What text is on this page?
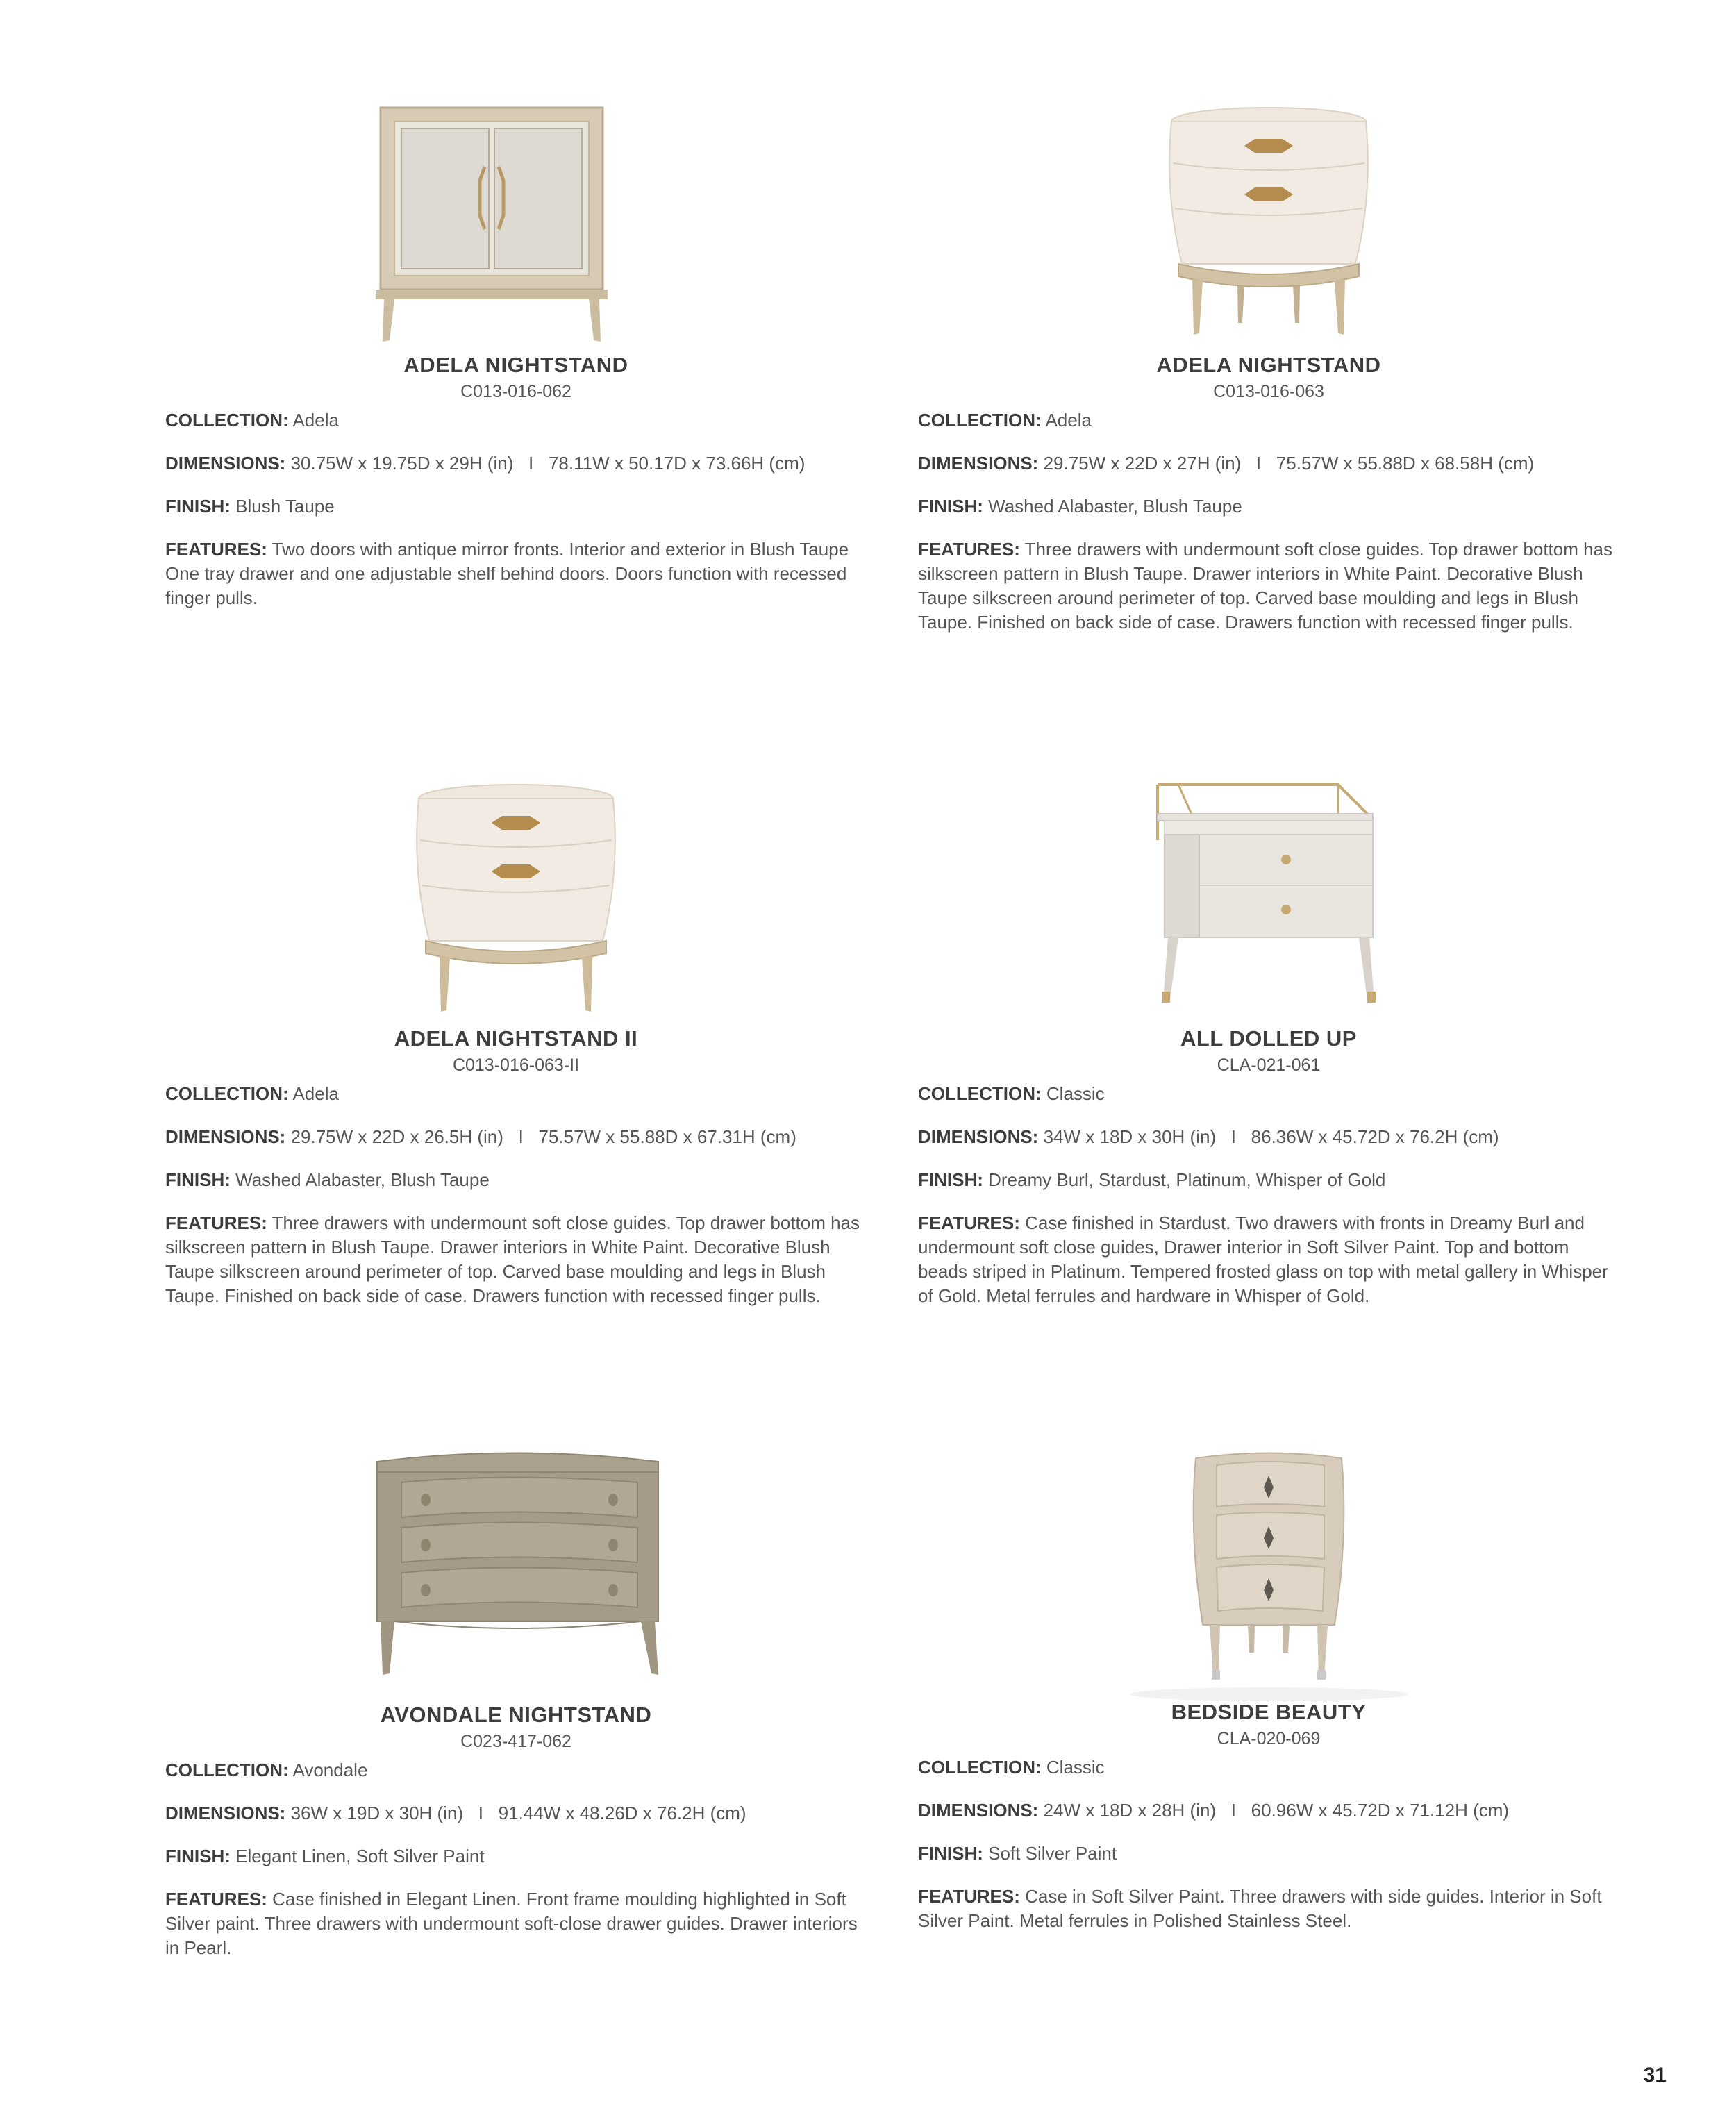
ADELA NIGHTSTAND
C013-016-062
COLLECTION: Adela
DIMENSIONS: 30.75W x 19.75D x 29H (in)   I   78.11W x 50.17D x 73.66H (cm)
FINISH: Blush Taupe
FEATURES: Two doors with antique mirror fronts. Interior and exterior in Blush Taupe One tray drawer and one adjustable shelf behind doors. Doors function with recessed finger pulls.
ADELA NIGHTSTAND
C013-016-063
COLLECTION: Adela
DIMENSIONS: 29.75W x 22D x 27H (in)   I   75.57W x 55.88D x 68.58H (cm)
FINISH: Washed Alabaster, Blush Taupe
FEATURES: Three drawers with undermount soft close guides. Top drawer bottom has silkscreen pattern in Blush Taupe. Drawer interiors in White Paint. Decorative Blush Taupe silkscreen around perimeter of top. Carved base moulding and legs in Blush Taupe. Finished on back side of case. Drawers function with recessed finger pulls.
ADELA NIGHTSTAND II
C013-016-063-II
COLLECTION: Adela
DIMENSIONS: 29.75W x 22D x 26.5H (in)   I   75.57W x 55.88D x 67.31H (cm)
FINISH: Washed Alabaster, Blush Taupe
FEATURES: Three drawers with undermount soft close guides. Top drawer bottom has silkscreen pattern in Blush Taupe. Drawer interiors in White Paint. Decorative Blush Taupe silkscreen around perimeter of top. Carved base moulding and legs in Blush Taupe. Finished on back side of case. Drawers function with recessed finger pulls.
ALL DOLLED UP
CLA-021-061
COLLECTION: Classic
DIMENSIONS: 34W x 18D x 30H (in)   I   86.36W x 45.72D x 76.2H (cm)
FINISH: Dreamy Burl, Stardust, Platinum, Whisper of Gold
FEATURES: Case finished in Stardust. Two drawers with fronts in Dreamy Burl and undermount soft close guides, Drawer interior in Soft Silver Paint. Top and bottom beads striped in Platinum. Tempered frosted glass on top with metal gallery in Whisper of Gold. Metal ferrules and hardware in Whisper of Gold.
AVONDALE NIGHTSTAND
C023-417-062
COLLECTION: Avondale
DIMENSIONS: 36W x 19D x 30H (in)   I   91.44W x 48.26D x 76.2H (cm)
FINISH: Elegant Linen, Soft Silver Paint
FEATURES: Case finished in Elegant Linen. Front frame moulding highlighted in Soft Silver paint. Three drawers with undermount soft-close drawer guides. Drawer interiors in Pearl.
BEDSIDE BEAUTY
CLA-020-069
COLLECTION: Classic
DIMENSIONS: 24W x 18D x 28H (in)   I   60.96W x 45.72D x 71.12H (cm)
FINISH: Soft Silver Paint
FEATURES: Case in Soft Silver Paint. Three drawers with side guides. Interior in Soft Silver Paint. Metal ferrules in Polished Stainless Steel.
31
